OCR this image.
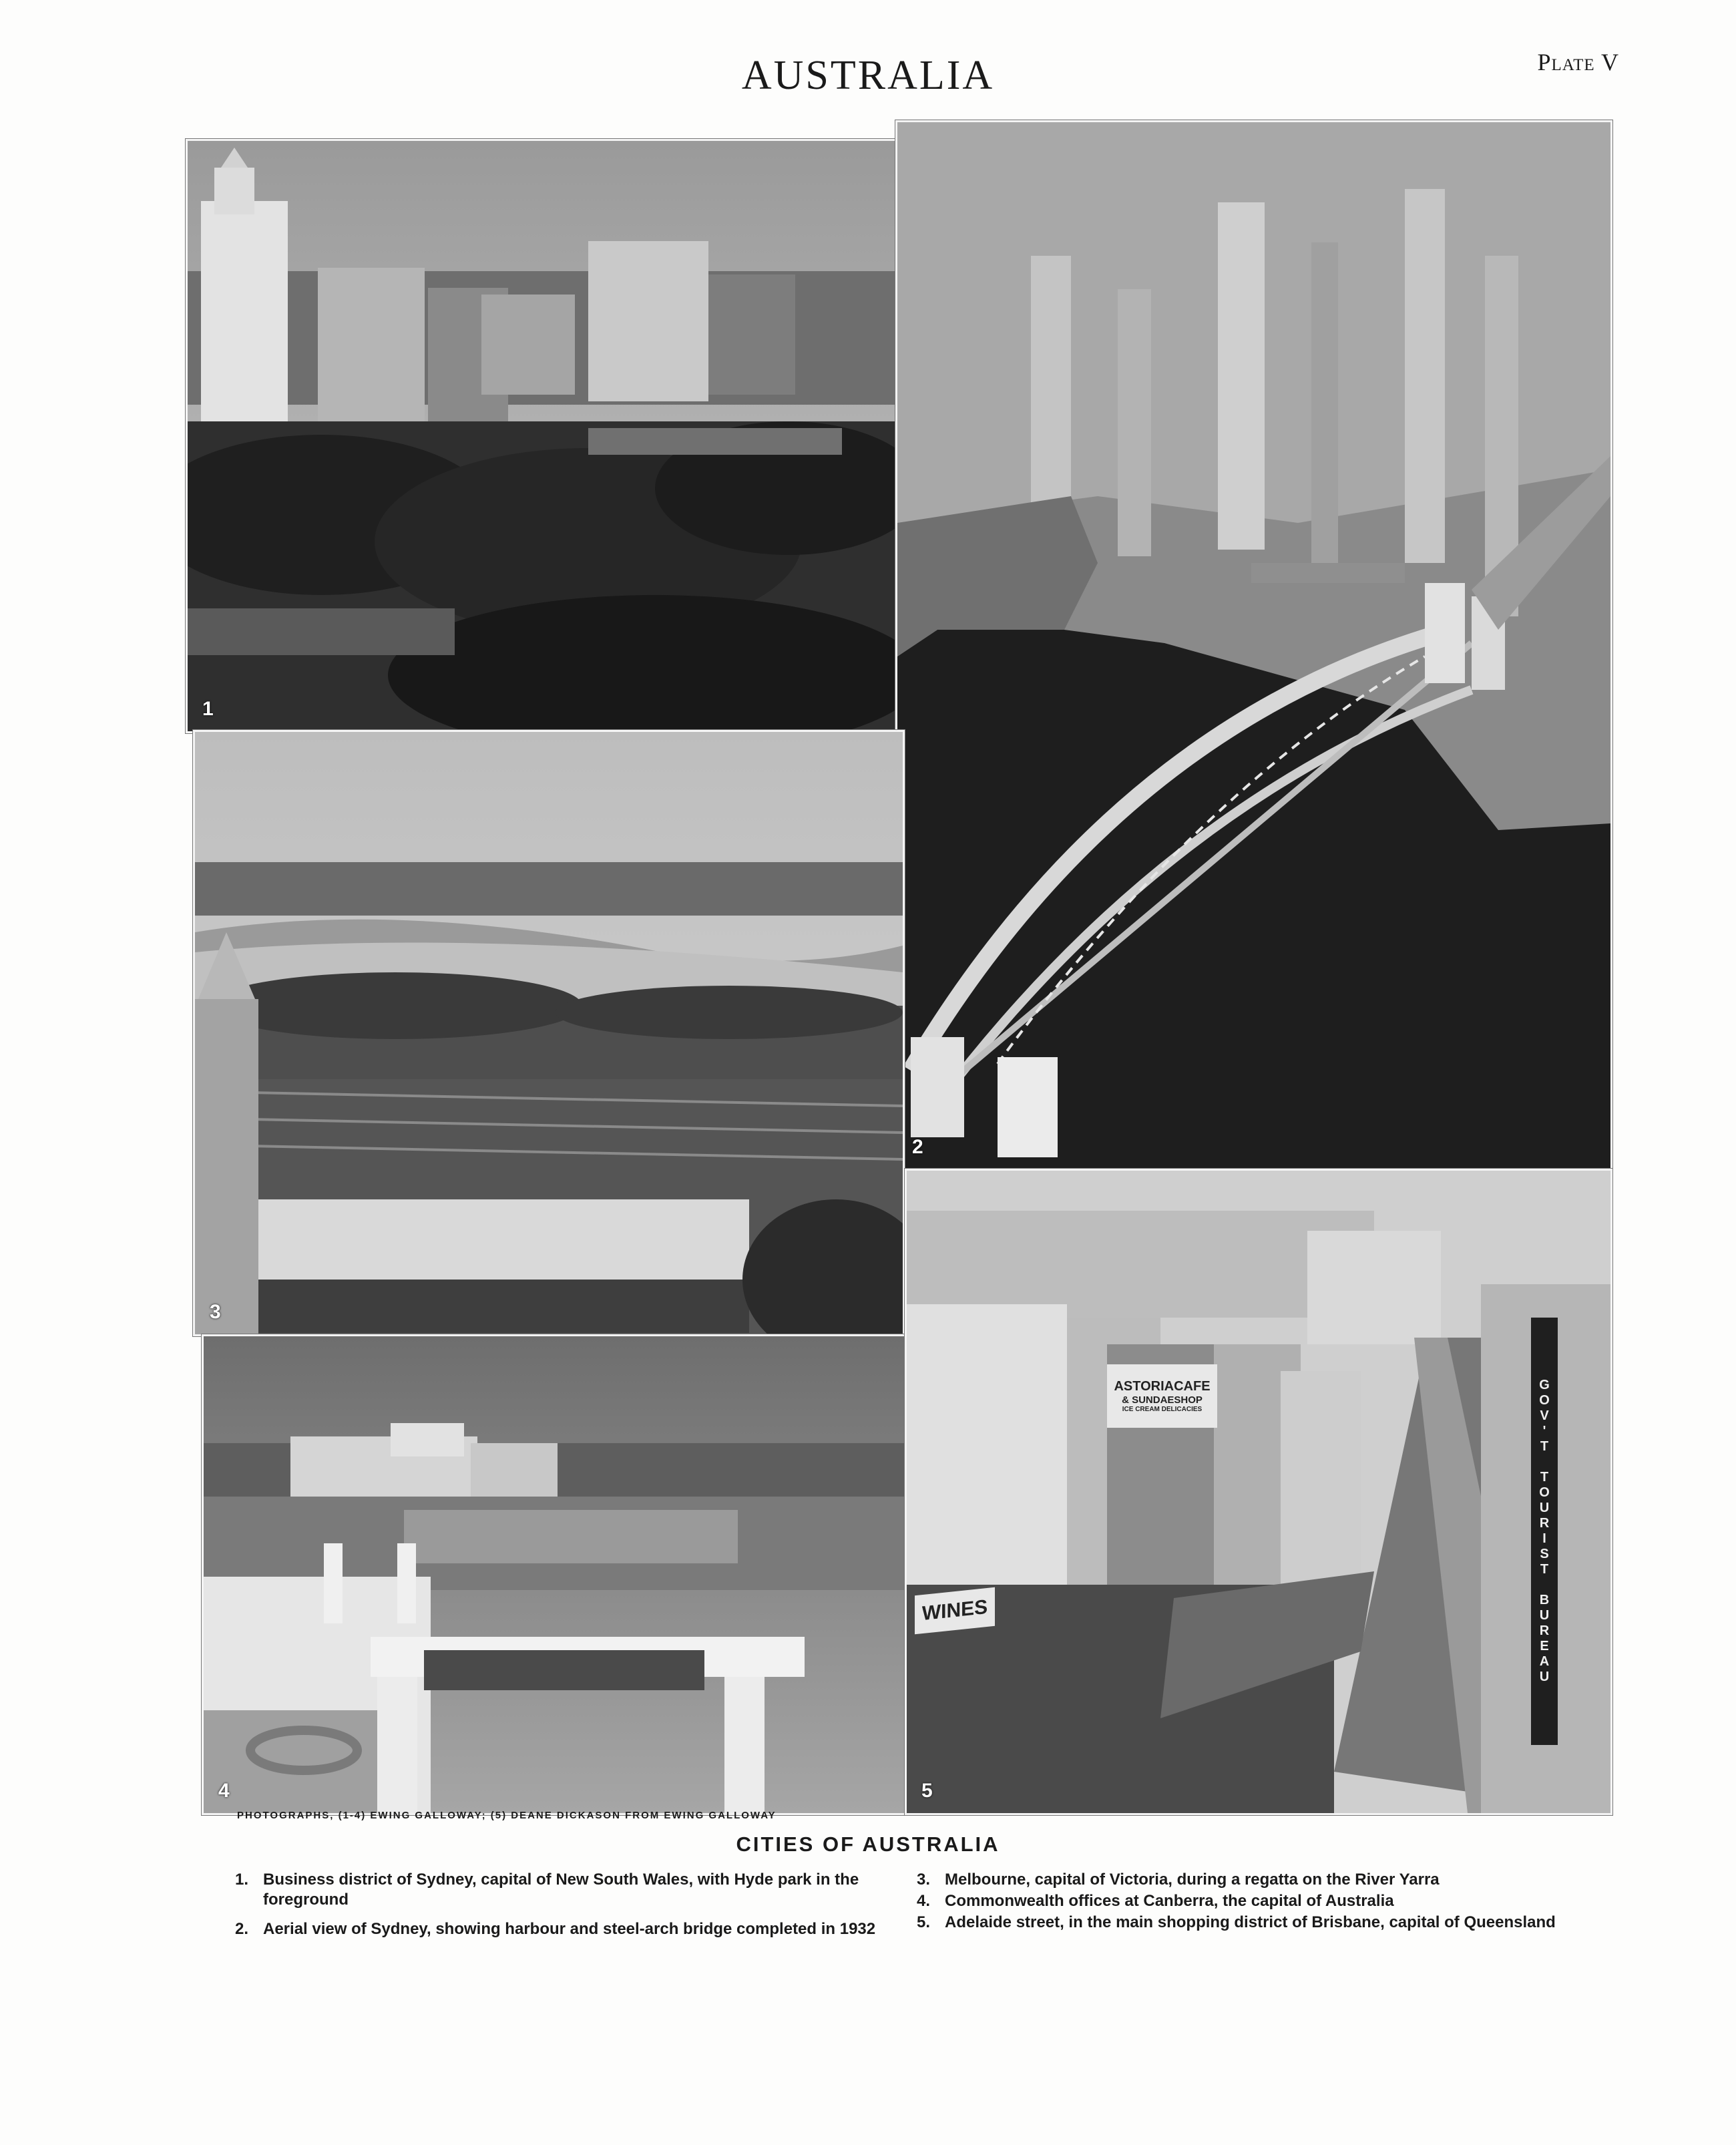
AUSTRALIA	Plate V
1
2
3
4
ASTORIACAFE
& SUNDAESHOP
ICE CREAM DELICACIES
WINES	GOV'T TOURIST BUREAU
5
PHOTOGRAPHS, (1-4) EWING GALLOWAY; (5) DEANE DICKASON FROM EWING GALLOWAY
CITIES OF AUSTRALIA
1. Business district of Sydney, capital of New South Wales, with Hyde park in the foreground
2. Aerial view of Sydney, showing harbour and steel-arch bridge completed in 1932
3. Melbourne, capital of Victoria, during a regatta on the River Yarra
4. Commonwealth offices at Canberra, the capital of Australia
5. Adelaide street, in the main shopping district of Brisbane, capital of Queensland
